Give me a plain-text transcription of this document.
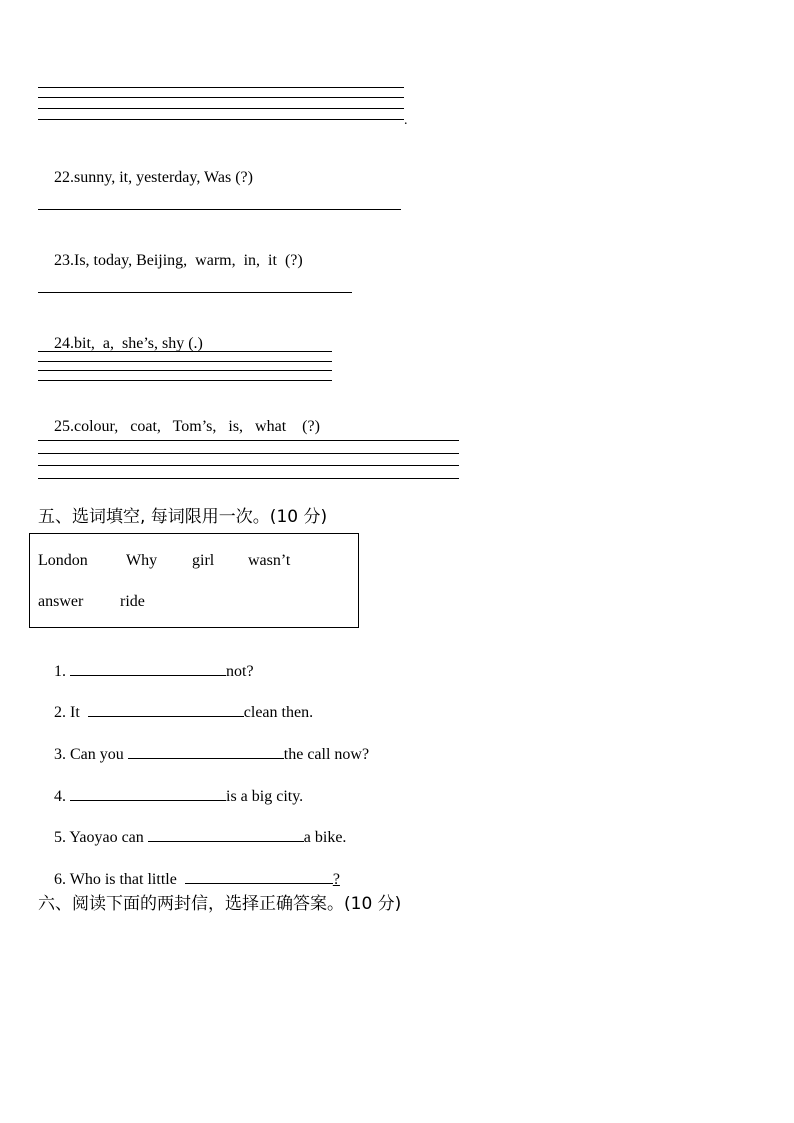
.

22.sunny, it, yesterday, Was (?)

23.Is, today, Beijing,  warm,  in,  it  (?)

24.bit,  a,  she’s, shy (.)

25.colour,   coat,   Tom’s,   is,   what    (?)

五、选词填空, 每词限用一次。(10 分)
London Why girl wasn’t
answer ride

1.	not?

2. It	clean then.

3. Can you	the call now?

4.	is a big city.

5. Yaoyao can	a bike.

6. Who is that little	?

六、阅读下面的两封信，选择正确答案。(10 分)
